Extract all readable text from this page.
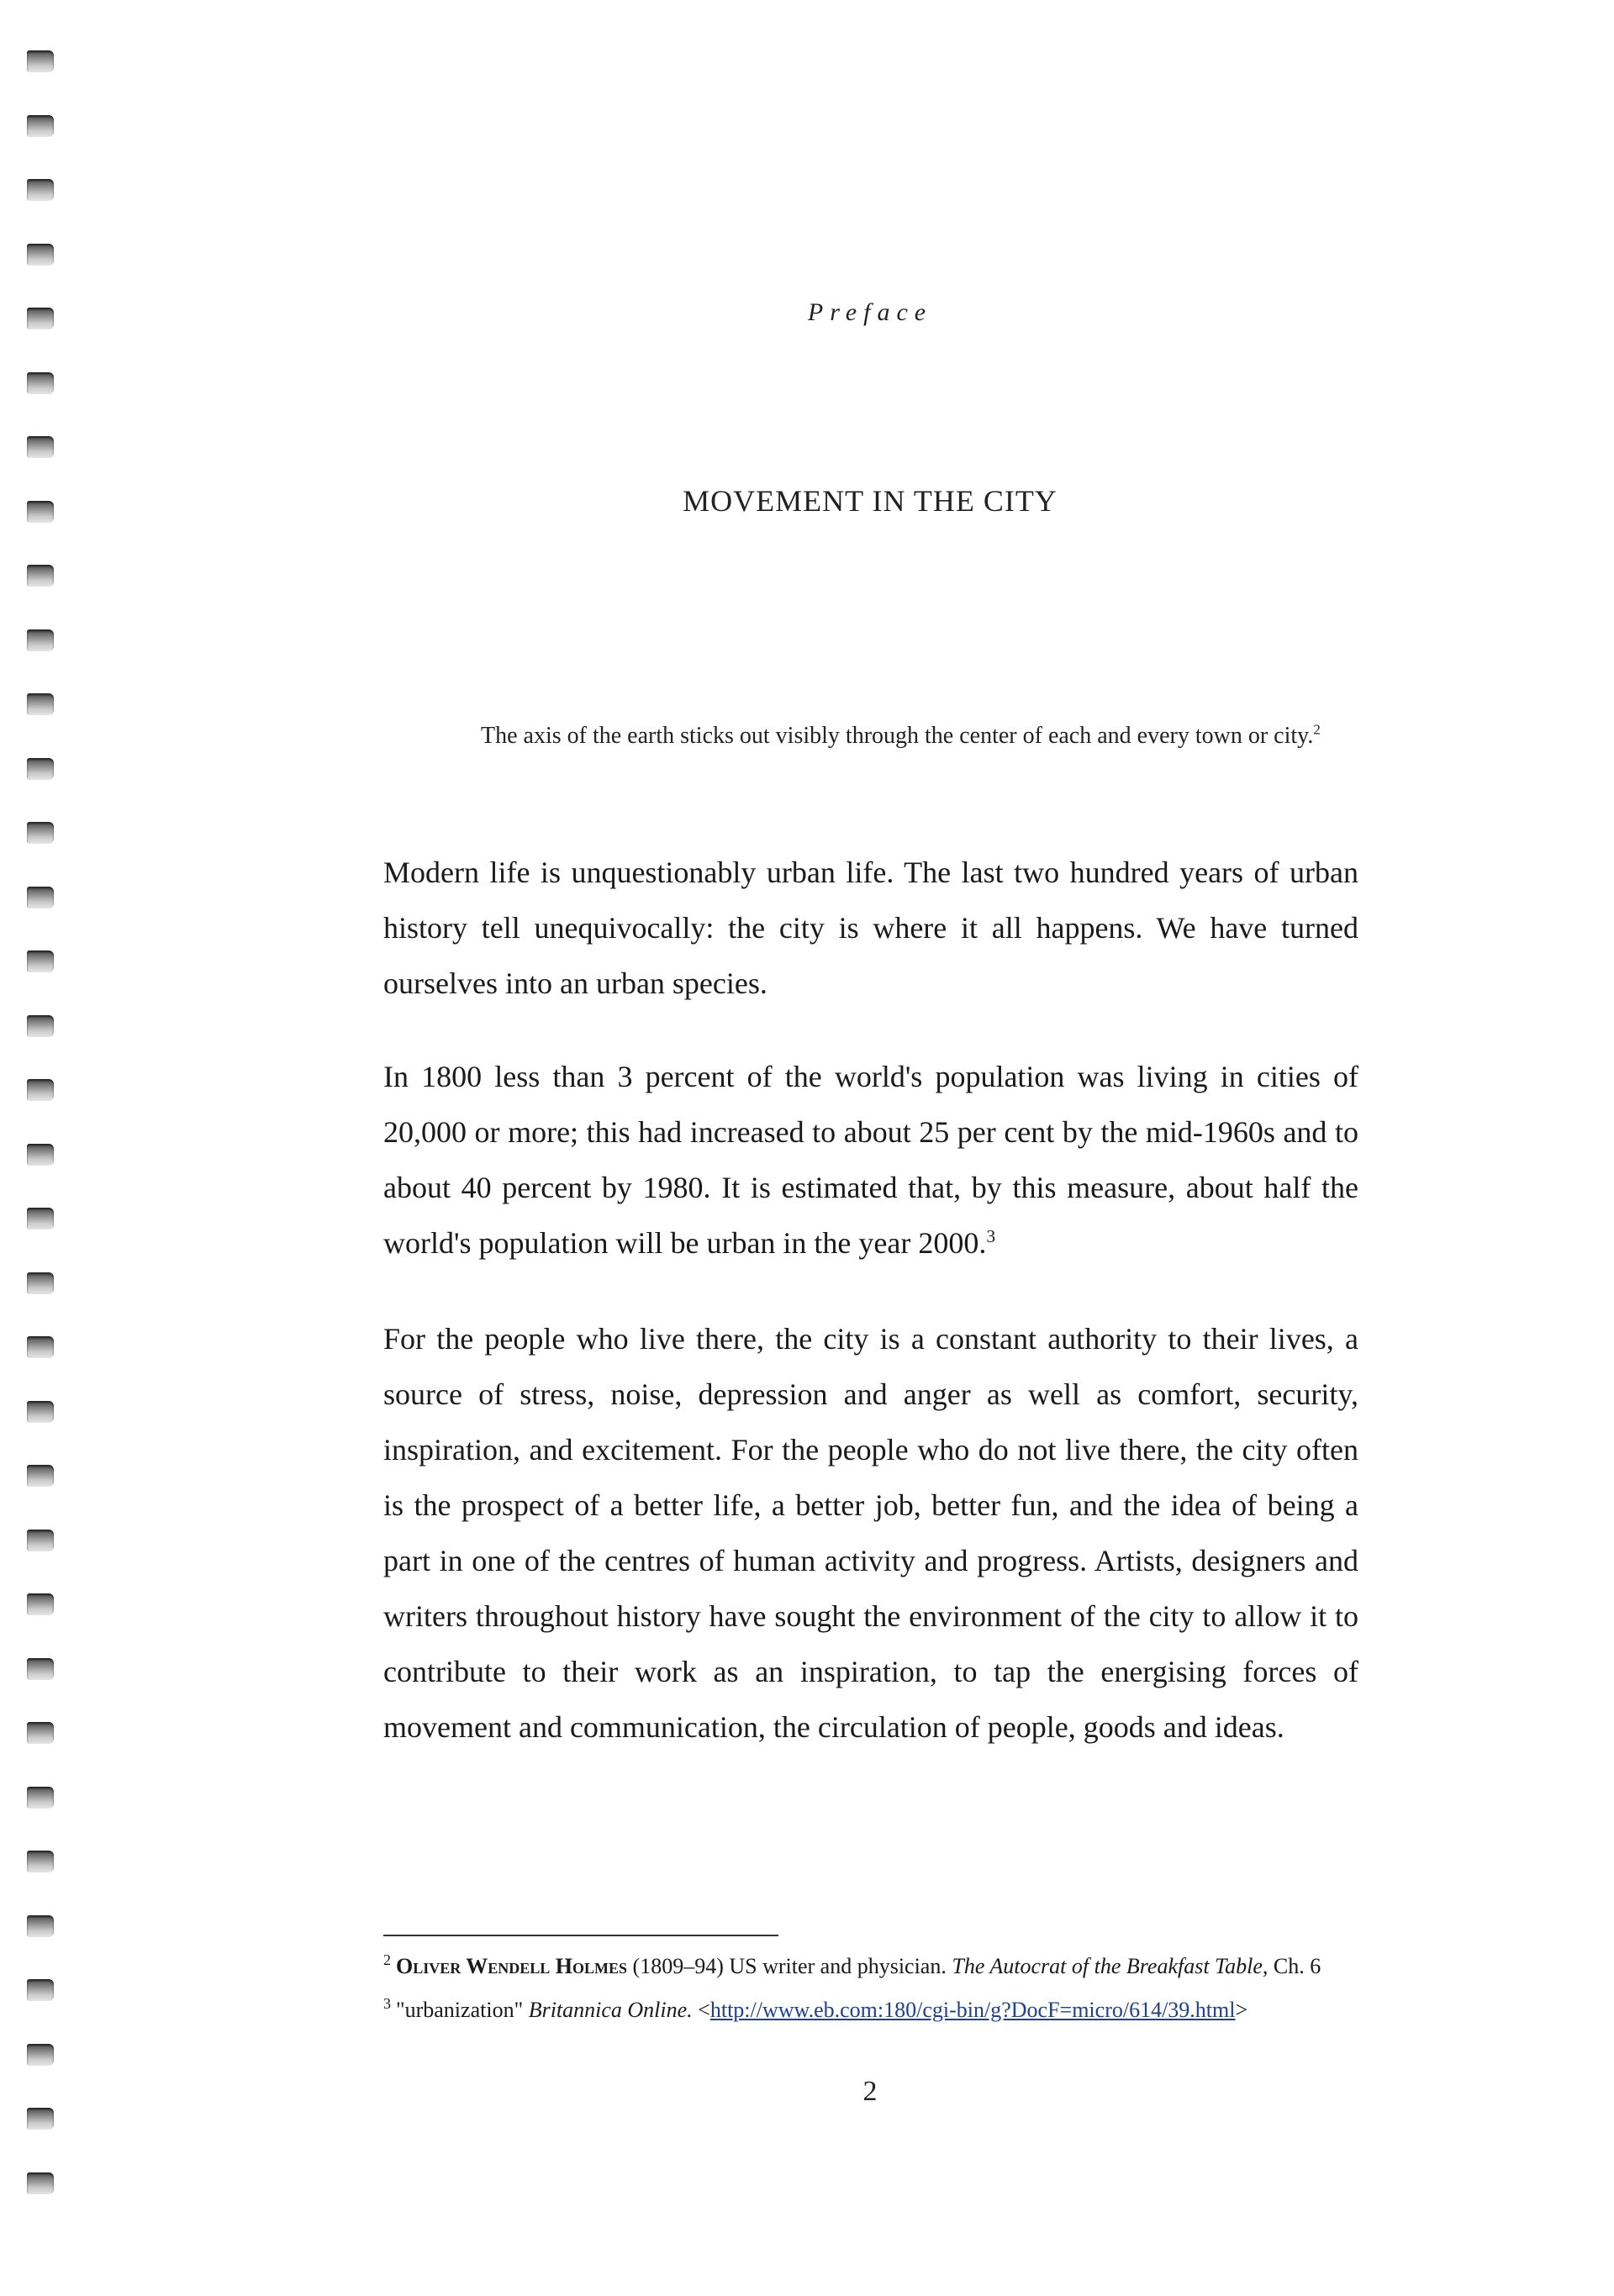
Preface
MOVEMENT IN THE CITY
The axis of the earth sticks out visibly through the center of each and every town or city.$^2$
Modern life is unquestionably urban life. The last two hundred years of urban history tell unequivocally: the city is where it all happens. We have turned ourselves into an urban species.
In 1800 less than 3 percent of the world's population was living in cities of 20,000 or more; this had increased to about 25 per cent by the mid-1960s and to about 40 percent by 1980. It is estimated that, by this measure, about half the world's population will be urban in the year 2000.$^3$
For the people who live there, the city is a constant authority to their lives, a source of stress, noise, depression and anger as well as comfort, security, inspiration, and excitement. For the people who do not live there, the city often is the prospect of a better life, a better job, better fun, and the idea of being a part in one of the centres of human activity and progress. Artists, designers and writers throughout history have sought the environment of the city to allow it to contribute to their work as an inspiration, to tap the energising forces of movement and communication, the circulation of people, goods and ideas.
$^2$ Oliver Wendell Holmes (1809–94) US writer and physician. The Autocrat of the Breakfast Table, Ch. 6
$^3$ "urbanization" Britannica Online. <http://www.eb.com:180/cgi-bin/g?DocF=micro/614/39.html>
2
